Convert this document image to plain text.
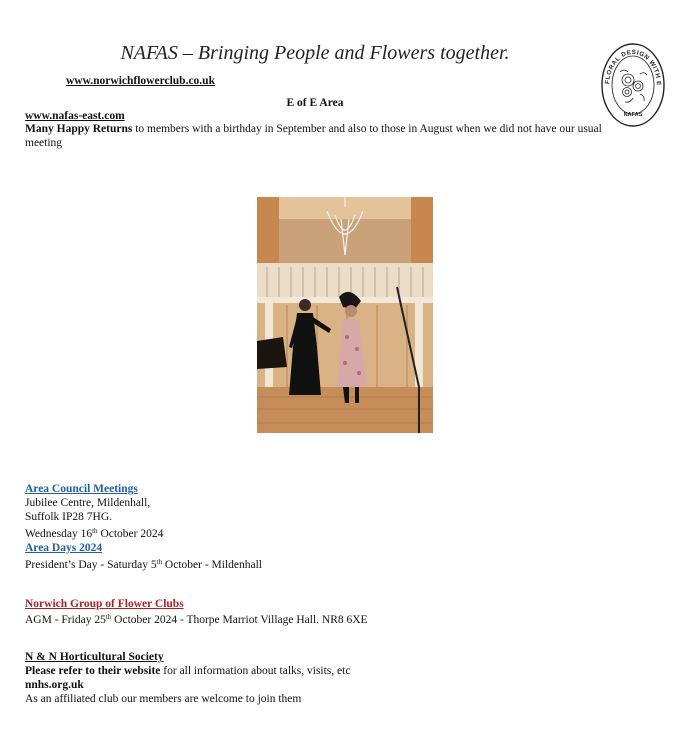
NAFAS – Bringing People and Flowers together.
FLORAL DESIGN WITH E
NAFAS
www.norwichflowerclub.co.uk
E of E Area
www.nafas-east.com
Many Happy Returns to members with a birthday in September and also to those in August when we did not have our usual
meeting
Area Council Meetings
Jubilee Centre, Mildenhall,
Suffolk IP28 7HG.
Wednesday 16th October 2024
Area Days 2024
President’s Day - Saturday 5th October - Mildenhall
Norwich Group of Flower Clubs
AGM - Friday 25th October 2024 - Thorpe Marriot Village Hall. NR8 6XE
N & N Horticultural Society
Please refer to their website for all information about talks, visits, etc
nnhs.org.uk
As an affiliated club our members are welcome to join them
